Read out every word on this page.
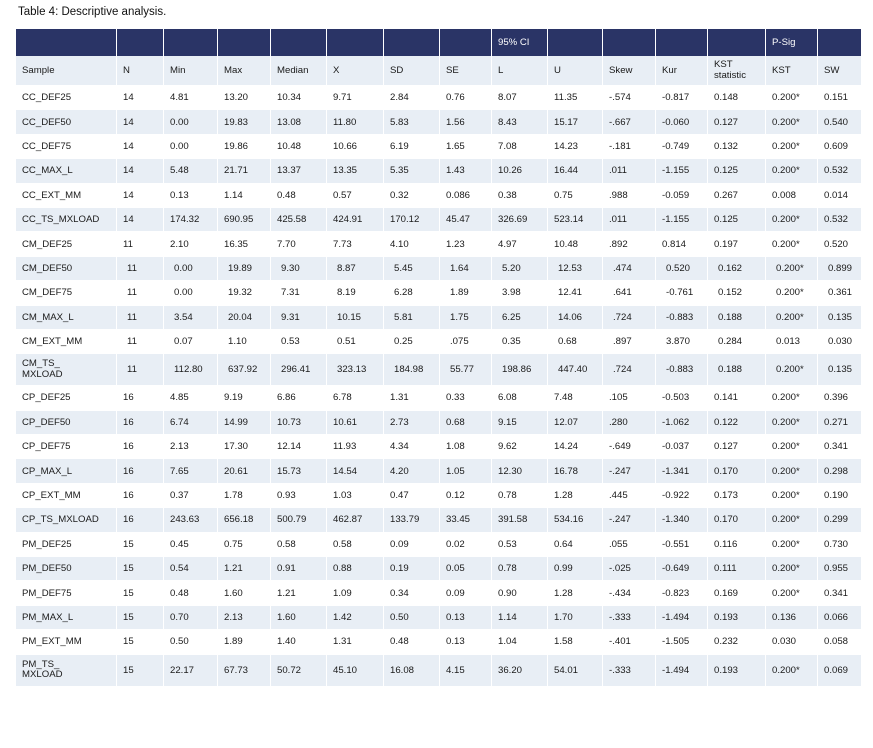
Table 4: Descriptive analysis.
								95% CI					P-Sig	
Sample	N	Min	Max	Median	X	SD	SE	L	U	Skew	Kur	KST statistic	KST	SW
CC_DEF25	14	4.81	13.20	10.34	9.71	2.84	0.76	8.07	11.35	-.574	-0.817	0.148	0.200*	0.151
CC_DEF50	14	0.00	19.83	13.08	11.80	5.83	1.56	8.43	15.17	-.667	-0.060	0.127	0.200*	0.540
CC_DEF75	14	0.00	19.86	10.48	10.66	6.19	1.65	7.08	14.23	-.181	-0.749	0.132	0.200*	0.609
CC_MAX_L	14	5.48	21.71	13.37	13.35	5.35	1.43	10.26	16.44	.011	-1.155	0.125	0.200*	0.532
CC_EXT_MM	14	0.13	1.14	0.48	0.57	0.32	0.086	0.38	0.75	.988	-0.059	0.267	0.008	0.014
CC_TS_MXLOAD	14	174.32	690.95	425.58	424.91	170.12	45.47	326.69	523.14	.011	-1.155	0.125	0.200*	0.532
CM_DEF25	11	2.10	16.35	7.70	7.73	4.10	1.23	4.97	10.48	.892	0.814	0.197	0.200*	0.520
CM_DEF50	11	0.00	19.89	9.30	8.87	5.45	1.64	5.20	12.53	.474	0.520	0.162	0.200*	0.899
CM_DEF75	11	0.00	19.32	7.31	8.19	6.28	1.89	3.98	12.41	.641	-0.761	0.152	0.200*	0.361
CM_MAX_L	11	3.54	20.04	9.31	10.15	5.81	1.75	6.25	14.06	.724	-0.883	0.188	0.200*	0.135
CM_EXT_MM	11	0.07	1.10	0.53	0.51	0.25	.075	0.35	0.68	.897	3.870	0.284	0.013	0.030
CM_TS_
MXLOAD	11	112.80	637.92	296.41	323.13	184.98	55.77	198.86	447.40	.724	-0.883	0.188	0.200*	0.135
CP_DEF25	16	4.85	9.19	6.86	6.78	1.31	0.33	6.08	7.48	.105	-0.503	0.141	0.200*	0.396
CP_DEF50	16	6.74	14.99	10.73	10.61	2.73	0.68	9.15	12.07	.280	-1.062	0.122	0.200*	0.271
CP_DEF75	16	2.13	17.30	12.14	11.93	4.34	1.08	9.62	14.24	-.649	-0.037	0.127	0.200*	0.341
CP_MAX_L	16	7.65	20.61	15.73	14.54	4.20	1.05	12.30	16.78	-.247	-1.341	0.170	0.200*	0.298
CP_EXT_MM	16	0.37	1.78	0.93	1.03	0.47	0.12	0.78	1.28	.445	-0.922	0.173	0.200*	0.190
CP_TS_MXLOAD	16	243.63	656.18	500.79	462.87	133.79	33.45	391.58	534.16	-.247	-1.340	0.170	0.200*	0.299
PM_DEF25	15	0.45	0.75	0.58	0.58	0.09	0.02	0.53	0.64	.055	-0.551	0.116	0.200*	0.730
PM_DEF50	15	0.54	1.21	0.91	0.88	0.19	0.05	0.78	0.99	-.025	-0.649	0.111	0.200*	0.955
PM_DEF75	15	0.48	1.60	1.21	1.09	0.34	0.09	0.90	1.28	-.434	-0.823	0.169	0.200*	0.341
PM_MAX_L	15	0.70	2.13	1.60	1.42	0.50	0.13	1.14	1.70	-.333	-1.494	0.193	0.136	0.066
PM_EXT_MM	15	0.50	1.89	1.40	1.31	0.48	0.13	1.04	1.58	-.401	-1.505	0.232	0.030	0.058
PM_TS_
MXLOAD	15	22.17	67.73	50.72	45.10	16.08	4.15	36.20	54.01	-.333	-1.494	0.193	0.200*	0.069
